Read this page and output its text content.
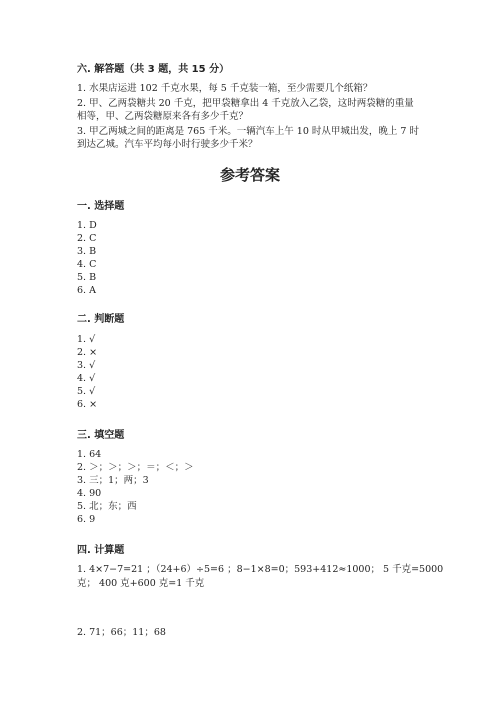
六. 解答题（共 3 题，共 15 分）
1. 水果店运进 102 千克水果，每 5 千克装一箱，至少需要几个纸箱？
2. 甲、乙两袋糖共 20 千克，把甲袋糖拿出 4 千克放入乙袋，这时两袋糖的重量
相等，甲、乙两袋糖原来各有多少千克？
3. 甲乙两城之间的距离是 765 千米。一辆汽车上午 10 时从甲城出发，晚上 7 时
到达乙城。汽车平均每小时行驶多少千米？
参考答案
一. 选择题
1. D
2. C
3. B
4. C
5. B
6. A
二. 判断题
1. √
2. ×
3. √
4. √
5. √
6. ×
三. 填空题
1. 64
2. ＞；＞；＞；＝；＜；＞
3. 三；1；两；3
4. 90
5. 北；东；西
6. 9
四. 计算题
1. 4×7−7=21 ；（24+6）÷5=6 ；8−1×8=0；593+412≈1000； 5 千克=5000
克； 400 克+600 克=1 千克
2. 71；66；11；68
